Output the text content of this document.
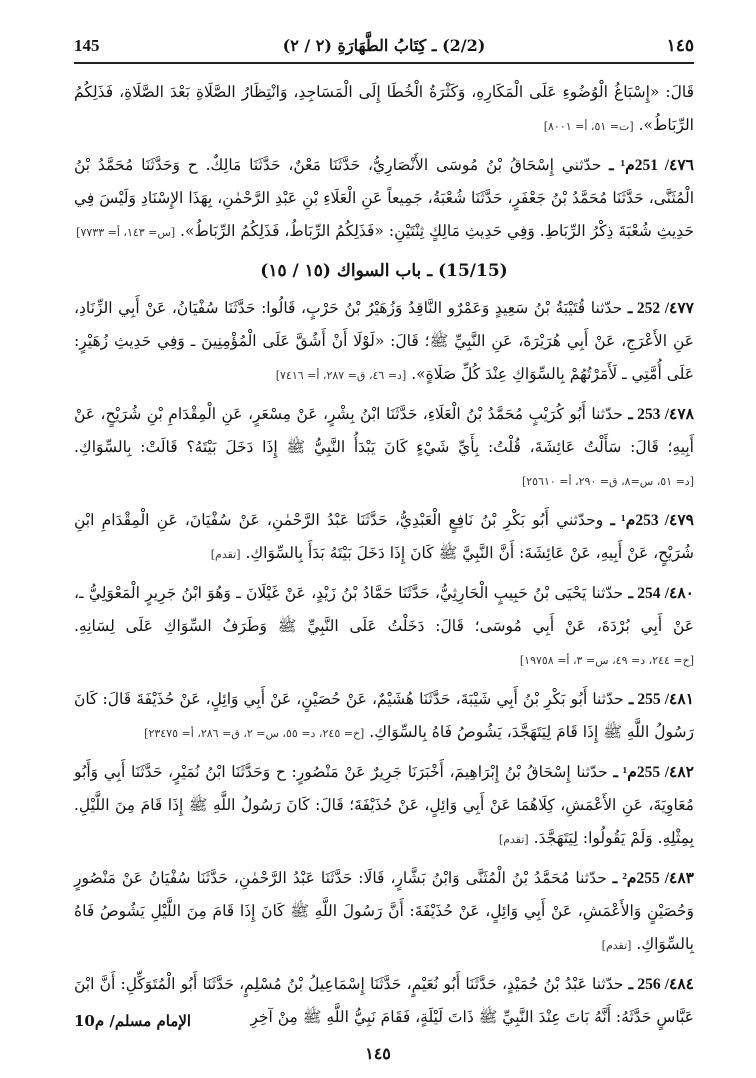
145	(2/2) ـ كِتَابُ الطَّهَارَةِ (٢ / ٢)	١٤٥

قَالَ: «إِسْبَاغُ الْوُضُوءِ عَلَى الْمَكَارِهِ، وَكَثْرَةُ الْخُطَا إِلَى الْمَسَاجِدِ، وَانْتِظَارُ الصَّلَاةِ بَعْدَ الصَّلَاةِ، فَذَلِكُمُ الرِّبَاطُ». [ت= ٥١، أ= ٨٠٠١]

٤٧٦/ 251م¹ ـ حدّثني إِسْحَاقُ بْنُ مُوسَى الأَنْصَارِيُّ، حَدَّثَنَا مَعْنٌ، حَدَّثَنَا مَالِكٌ. ح وَحَدَّثَنَا مُحَمَّدُ بْنُ الْمُثَنَّى، حَدَّثَنَا مُحَمَّدُ بْنُ جَعْفَرٍ، حَدَّثَنَا شُعْبَةُ، جَمِيعاً عَنِ الْعَلَاءِ بْنِ عَبْدِ الرَّحْمٰنِ، بِهَذَا الإِسْنَادِ وَلَيْسَ فِي حَدِيثِ شُعْبَةَ ذِكْرُ الرِّبَاطِ. وَفِي حَدِيثِ مَالِكٍ ثِنْتَيْنِ: «فَذَلِكُمُ الرِّبَاطُ، فَذَلِكُمُ الرِّبَاطُ». [س= ١٤٣، أ= ٧٧٣٣]

(15/15) ـ باب السواك (١٥ / ١٥)

٤٧٧/ 252 ـ حدّثنا قُتَيْبَةُ بْنُ سَعِيدٍ وَعَمْرٌو النَّاقِدُ وَزُهَيْرُ بْنُ حَرْبٍ، قَالُوا: حَدَّثَنَا سُفْيَانُ، عَنْ أَبِي الزِّنَادِ، عَنِ الأَعْرَجِ، عَنْ أَبِي هُرَيْرَةَ، عَنِ النَّبِيِّ ﷺ؛ قَالَ: «لَوْلَا أَنْ أَشُقَّ عَلَى الْمُؤْمِنِينَ ـ وَفِي حَدِيثِ زُهَيْرٍ: عَلَى أُمَّتِي ـ لَأَمَرْتُهُمْ بِالسِّوَاكِ عِنْدَ كُلِّ صَلَاةٍ». [د= ٤٦، ق= ٢٨٧، أ= ٧٤١٦]

٤٧٨/ 253 ـ حدّثنا أَبُو كُرَيْبٍ مُحَمَّدُ بْنُ الْعَلَاءِ، حَدَّثَنَا ابْنُ بِشْرٍ، عَنْ مِسْعَرٍ، عَنِ الْمِقْدَامِ بْنِ شُرَيْحٍ، عَنْ أَبِيهِ؛ قَالَ: سَأَلْتُ عَائِشَةَ، قُلْتُ: بِأَيِّ شَيْءٍ كَانَ يَبْدَأُ النَّبِيُّ ﷺ إِذَا دَخَلَ بَيْتَهُ؟ قَالَتْ: بِالسِّوَاكِ. [د= ٥١، س=٨، ق= ٢٩٠، أ= ٢٥٦١٠]

٤٧٩/ 253م¹ ـ وحدّثني أَبُو بَكْرِ بْنُ نَافِعٍ الْعَبْدِيُّ، حَدَّثَنَا عَبْدُ الرَّحْمٰنِ، عَنْ سُفْيَانَ، عَنِ الْمِقْدَامِ ابْنِ شُرَيْحٍ، عَنْ أَبِيهِ، عَنْ عَائِشَةَ: أَنَّ النَّبِيَّ ﷺ كَانَ إِذَا دَخَلَ بَيْتَهُ بَدَأَ بِالسِّوَاكِ. [تقدم]

٤٨٠/ 254 ـ حدّثنا يَحْيَى بْنُ حَبِيبٍ الْحَارِثِيُّ، حَدَّثَنَا حَمَّادُ بْنُ زَيْدٍ، عَنْ غَيْلَانَ ـ وَهُوَ ابْنُ جَرِيرٍ الْمَعْوَلِيُّ ـ، عَنْ أَبِي بُرْدَةَ، عَنْ أَبِي مُوسَى؛ قَالَ: دَخَلْتُ عَلَى النَّبِيِّ ﷺ وَطَرَفُ السِّوَاكِ عَلَى لِسَانِهِ. [خ= ٢٤٤، د= ٤٩، س= ٣، أ= ١٩٧٥٨]

٤٨١/ 255 ـ حدّثنا أَبُو بَكْرِ بْنُ أَبِي شَيْبَةَ، حَدَّثَنَا هُشَيْمٌ، عَنْ حُصَيْنٍ، عَنْ أَبِي وَائِلٍ، عَنْ حُذَيْفَةَ قَالَ: كَانَ رَسُولُ اللَّهِ ﷺ إِذَا قَامَ لِيَتَهَجَّدَ، يَشُوصُ فَاهُ بِالسِّوَاكِ. [خ= ٢٤٥، د= ٥٥، س= ٢، ق= ٢٨٦، أ= ٢٣٤٧٥]

٤٨٢/ 255م¹ ـ حدّثنا إِسْحَاقُ بْنُ إِبْرَاهِيمَ، أَخْبَرَنَا جَرِيرٌ عَنْ مَنْصُورٍ: ح وَحَدَّثَنَا ابْنُ نُمَيْرٍ، حَدَّثَنَا أَبِي وَأَبُو مُعَاوِيَةَ، عَنِ الأَعْمَشِ، كِلَاهُمَا عَنْ أَبِي وَائِلٍ، عَنْ حُذَيْفَةَ؛ قَالَ: كَانَ رَسُولُ اللَّهِ ﷺ إِذَا قَامَ مِنَ اللَّيْلِ. بِمِثْلِهِ. وَلَمْ يَقُولُوا: لِيَتَهَجَّدَ. [تقدم]

٤٨٣/ 255م² ـ حدّثنا مُحَمَّدُ بْنُ الْمُثَنَّى وَابْنُ بَشَّارٍ، قَالَا: حَدَّثَنَا عَبْدُ الرَّحْمٰنِ، حَدَّثَنَا سُفْيَانُ عَنْ مَنْصُورٍ وَحُصَيْنٍ وَالأَعْمَشِ، عَنْ أَبِي وَائِلٍ، عَنْ حُذَيْفَةَ: أَنَّ رَسُولَ اللَّهِ ﷺ كَانَ إِذَا قَامَ مِنَ اللَّيْلِ يَشُوصُ فَاهُ بِالسِّوَاكِ. [تقدم]

٤٨٤/ 256 ـ حدّثنا عَبْدُ بْنُ حُمَيْدٍ، حَدَّثَنَا أَبُو نُعَيْمٍ، حَدَّثَنَا إِسْمَاعِيلُ بْنُ مُسْلِمٍ، حَدَّثَنَا أَبُو الْمُتَوَكِّلِ: أَنَّ ابْنَ عَبَّاسٍ حَدَّثَهُ: أَنَّهُ بَاتَ عِنْدَ النَّبِيِّ ﷺ ذَاتَ لَيْلَةٍ، فَقَامَ نَبِيُّ اللَّهِ ﷺ مِنْ آخِرِ

الإمام مسلم/ م10
١٤٥
